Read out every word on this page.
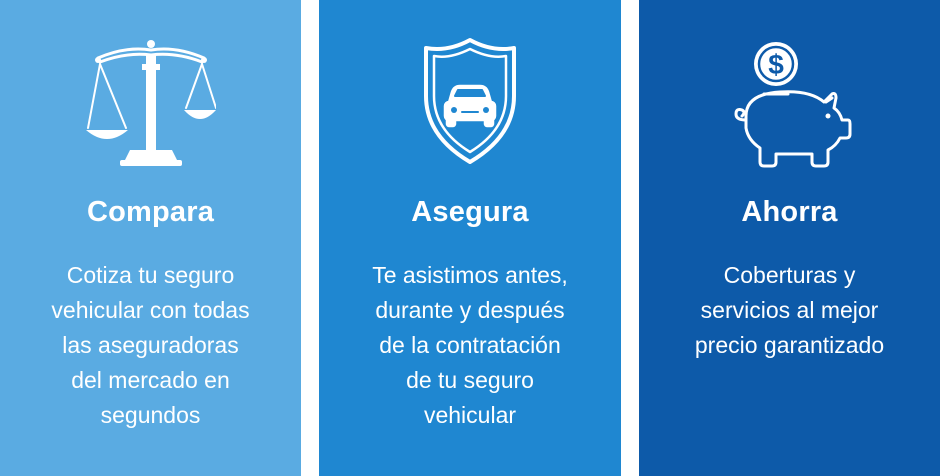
Compara
Cotiza tu seguro
vehicular con todas
las aseguradoras
del mercado en
segundos
Asegura
Te asistimos antes,
durante y después
de la contratación
de tu seguro
vehicular
$
Ahorra
Coberturas y
servicios al mejor
precio garantizado
